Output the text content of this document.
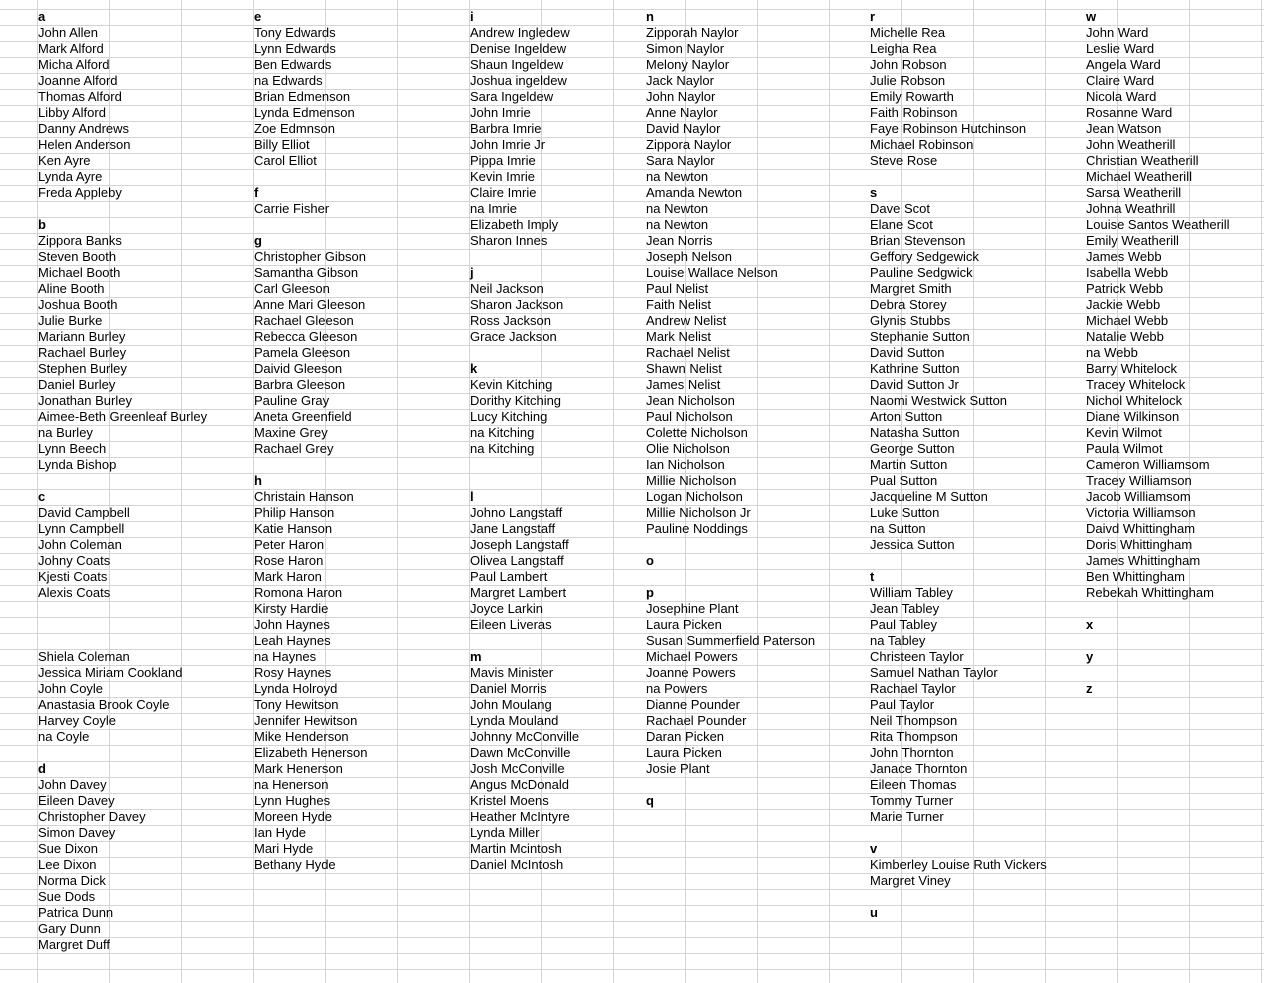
a
John Allen
Mark Alford
Micha Alford
Joanne Alford
Thomas Alford
Libby Alford
Danny Andrews
Helen Anderson
Ken Ayre
Lynda Ayre
Freda Appleby
b
Zippora Banks
Steven Booth
Michael Booth
Aline Booth
Joshua Booth
Julie Burke
Mariann Burley
Rachael Burley
Stephen Burley
Daniel Burley
Jonathan Burley
Aimee-Beth Greenleaf Burley
na Burley
Lynn Beech
Lynda Bishop
c
David Campbell
Lynn Campbell
John Coleman
Johny Coats
Kjesti Coats
Alexis Coats
Shiela Coleman
Jessica Miriam Cookland
John Coyle
Anastasia Brook Coyle
Harvey Coyle
na Coyle
d
John Davey
Eileen Davey
Christopher Davey
Simon Davey
Sue Dixon
Lee Dixon
Norma Dick
Sue Dods
Patrica Dunn
Gary Dunn
Margret Duff
e
Tony Edwards
Lynn Edwards
Ben Edwards
na Edwards
Brian Edmenson
Lynda Edmenson
Zoe Edmnson
Billy Elliot
Carol Elliot
f
Carrie Fisher
g
Christopher Gibson
Samantha Gibson
Carl Gleeson
Anne Mari Gleeson
Rachael Gleeson
Rebecca Gleeson
Pamela Gleeson
Daivid Gleeson
Barbra Gleeson
Pauline Gray
Aneta Greenfield
Maxine Grey
Rachael Grey
h
Christain Hanson
Philip Hanson
Katie Hanson
Peter Haron
Rose Haron
Mark Haron
Romona Haron
Kirsty Hardie
John Haynes
Leah Haynes
na Haynes
Rosy Haynes
Lynda Holroyd
Tony Hewitson
Jennifer Hewitson
Mike Henderson
Elizabeth Henerson
Mark Henerson
na Henerson
Lynn Hughes
Moreen Hyde
Ian Hyde
Mari Hyde
Bethany Hyde
i
Andrew Ingledew
Denise Ingeldew
Shaun Ingeldew
Joshua ingeldew
Sara Ingeldew
John Imrie
Barbra Imrie
John Imrie Jr
Pippa Imrie
Kevin Imrie
Claire Imrie
na Imrie
Elizabeth Imply
Sharon Innes
j
Neil Jackson
Sharon Jackson
Ross Jackson
Grace Jackson
k
Kevin Kitching
Dorithy Kitching
Lucy Kitching
na Kitching
na Kitching
l
Johno Langstaff
Jane Langstaff
Joseph Langstaff
Olivea Langstaff
Paul Lambert
Margret Lambert
Joyce Larkin
Eileen Liveras
m
Mavis Minister
Daniel Morris
John Moulang
Lynda Mouland
Johnny McConville
Dawn McConville
Josh McConville
Angus McDonald
Kristel Moens
Heather McIntyre
Lynda Miller
Martin Mcintosh
Daniel McIntosh
n
Zipporah Naylor
Simon Naylor
Melony Naylor
Jack Naylor
John Naylor
Anne Naylor
David Naylor
Zippora Naylor
Sara Naylor
na Newton
Amanda Newton
na Newton
na Newton
Jean Norris
Joseph Nelson
Louise Wallace Nelson
Paul Nelist
Faith Nelist
Andrew Nelist
Mark Nelist
Rachael Nelist
Shawn Nelist
James Nelist
Jean Nicholson
Paul Nicholson
Colette Nicholson
Olie Nicholson
Ian Nicholson
Millie Nicholson
Logan Nicholson
Millie Nicholson Jr
Pauline Noddings
o
p
Josephine Plant
Laura Picken
Susan Summerfield Paterson
Michael Powers
Joanne Powers
na Powers
Dianne Pounder
Rachael Pounder
Daran Picken
Laura Picken
Josie Plant
q
r
Michelle Rea
Leigha Rea
John Robson
Julie Robson
Emily Rowarth
Faith Robinson
Faye Robinson Hutchinson
Michael Robinson
Steve Rose
s
Dave Scot
Elane Scot
Brian Stevenson
Geffory Sedgewick
Pauline Sedgwick
Margret Smith
Debra Storey
Glynis Stubbs
Stephanie Sutton
David Sutton
Kathrine Sutton
David Sutton Jr
Naomi Westwick Sutton
Arton Sutton
Natasha Sutton
George Sutton
Martin Sutton
Pual Sutton
Jacqueline M Sutton
Luke Sutton
na Sutton
Jessica Sutton
t
William Tabley
Jean Tabley
Paul Tabley
na Tabley
Christeen Taylor
Samuel Nathan Taylor
Rachael Taylor
Paul Taylor
Neil Thompson
Rita Thompson
John Thornton
Janace Thornton
Eileen Thomas
Tommy Turner
Marie Turner
v
Kimberley Louise Ruth Vickers
Margret Viney
u
w
John Ward
Leslie Ward
Angela Ward
Claire Ward
Nicola Ward
Rosanne Ward
Jean Watson
John Weatherill
Christian Weatherill
Michael Weatherill
Sarsa Weatherill
Johna Weathrill
Louise Santos Weatherill
Emily Weatherill
James Webb
Isabella Webb
Patrick Webb
Jackie Webb
Michael Webb
Natalie Webb
na Webb
Barry Whitelock
Tracey Whitelock
Nichol Whitelock
Diane Wilkinson
Kevin Wilmot
Paula Wilmot
Cameron Williamsom
Tracey Williamson
Jacob Williamsom
Victoria Williamson
Daivd Whittingham
Doris Whittingham
James Whittingham
Ben Whittingham
Rebekah Whittingham
x
y
z
